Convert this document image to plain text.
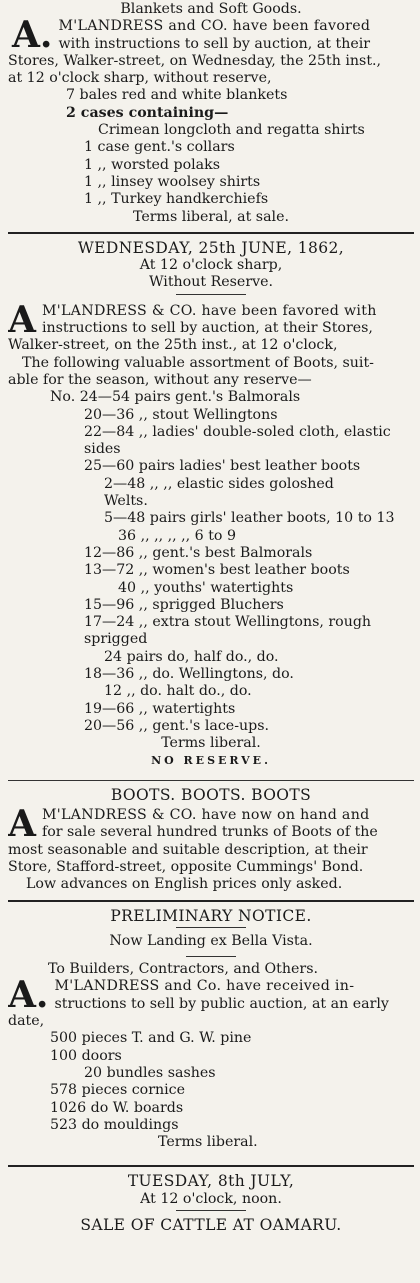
Blankets and Soft Goods.
A. M'LANDRESS and CO. have been favored
with instructions to sell by auction, at their
Stores, Walker-street, on Wednesday, the 25th inst.,
at 12 o'clock sharp, without reserve,
7 bales red and white blankets
2 cases containing—
Crimean longcloth and regatta shirts
1 case gent.'s collars
1 ,, worsted polaks
1 ,, linsey woolsey shirts
1 ,, Turkey handkerchiefs
Terms liberal, at sale.
WEDNESDAY, 25th JUNE, 1862,
At 12 o'clock sharp,
Without Reserve.
A M'LANDRESS & CO. have been favored with
instructions to sell by auction, at their Stores,
Walker-street, on the 25th inst., at 12 o'clock,
The following valuable assortment of Boots, suit-
able for the season, without any reserve—
No. 24—54 pairs gent.'s Balmorals
20—36 ,, stout Wellingtons
22—84 ,, ladies' double-soled cloth, elastic
sides
25—60 pairs ladies' best leather boots
2—48 ,, ,, elastic sides goloshed
Welts.
5—48 pairs girls' leather boots, 10 to 13
36 ,, ,, ,, ,, 6 to 9
12—86 ,, gent.'s best Balmorals
13—72 ,, women's best leather boots
40 ,, youths' watertights
15—96 ,, sprigged Bluchers
17—24 ,, extra stout Wellingtons, rough
sprigged
24 pairs do, half do., do.
18—36 ,, do. Wellingtons, do.
12 ,, do. halt do., do.
19—66 ,, watertights
20—56 ,, gent.'s lace-ups.
Terms liberal.
NO RESERVE.
BOOTS. BOOTS. BOOTS
A M'LANDRESS & CO. have now on hand and
for sale several hundred trunks of Boots of the
most seasonable and suitable description, at their
Store, Stafford-street, opposite Cummings' Bond.
Low advances on English prices only asked.
PRELIMINARY NOTICE.
Now Landing ex Bella Vista.
To Builders, Contractors, and Others.
A. M'LANDRESS and Co. have received in-
structions to sell by public auction, at an early
date,
500 pieces T. and G. W. pine
100 doors
20 bundles sashes
578 pieces cornice
1026 do W. boards
523 do mouldings
Terms liberal.
TUESDAY, 8th JULY,
At 12 o'clock, noon.
SALE OF CATTLE AT OAMARU.
